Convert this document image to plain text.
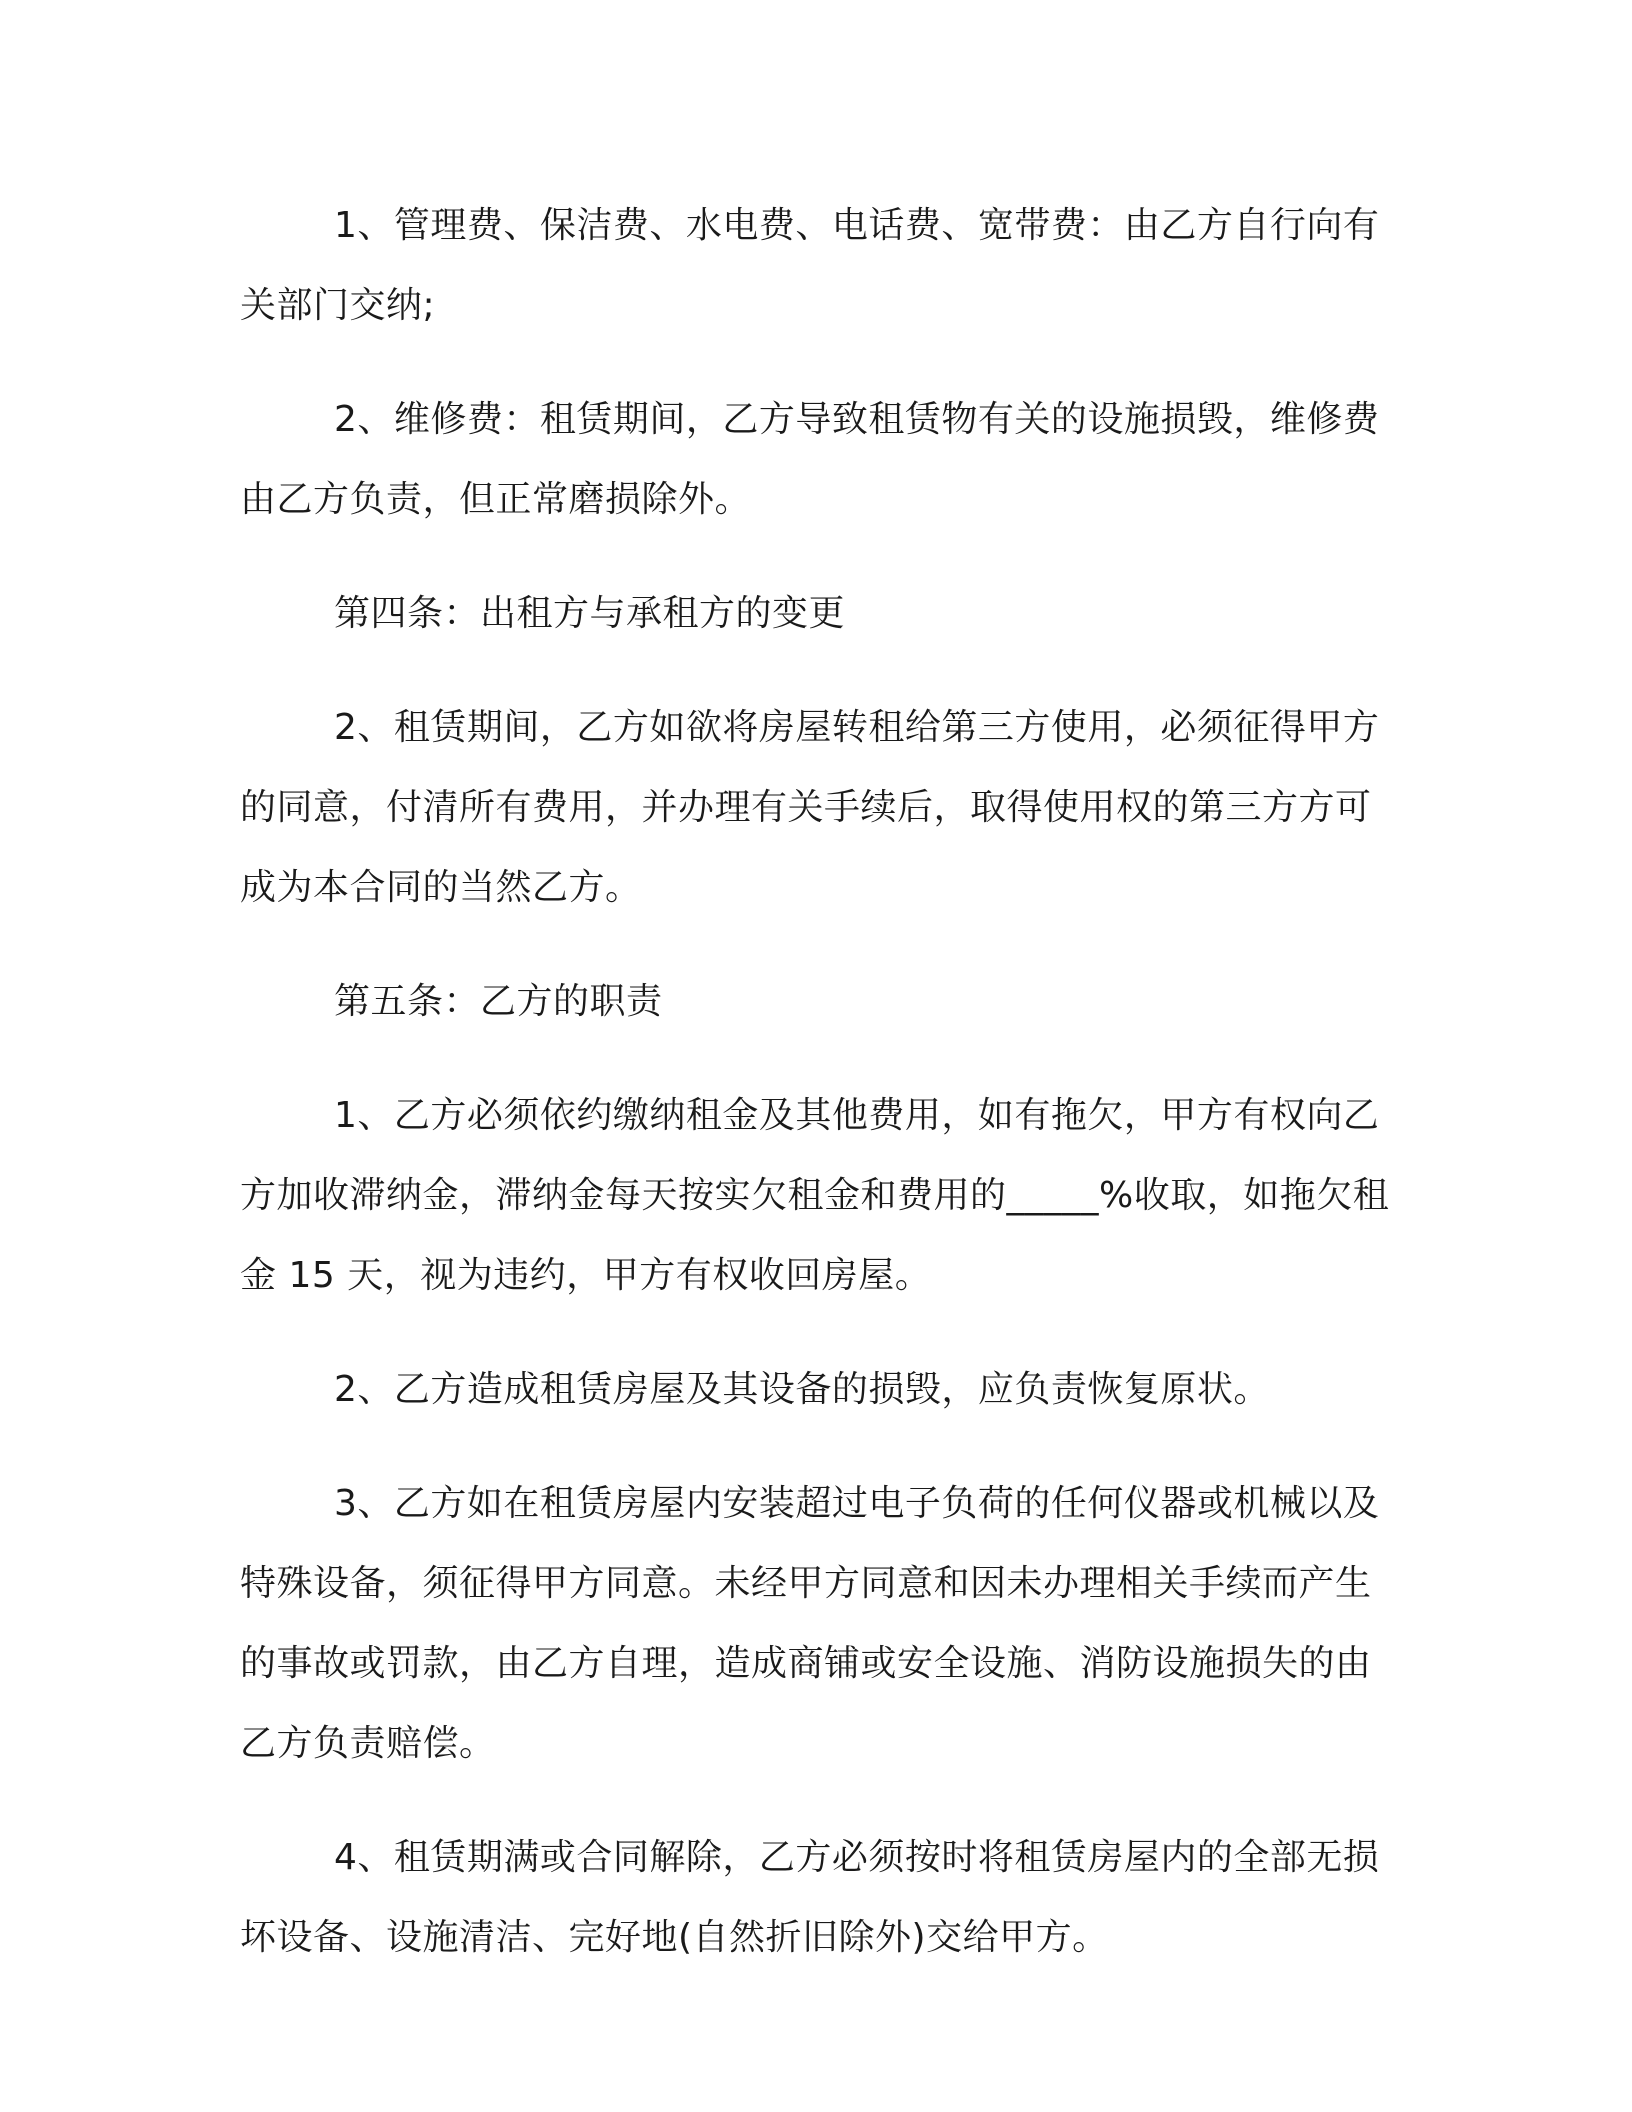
1、管理费、保洁费、水电费、电话费、宽带费：由乙方自行向有关部门交纳;

2、维修费：租赁期间，乙方导致租赁物有关的设施损毁，维修费由乙方负责，但正常磨损除外。

第四条：出租方与承租方的变更

2、租赁期间，乙方如欲将房屋转租给第三方使用，必须征得甲方的同意，付清所有费用，并办理有关手续后，取得使用权的第三方方可成为本合同的当然乙方。

第五条：乙方的职责

1、乙方必须依约缴纳租金及其他费用，如有拖欠，甲方有权向乙方加收滞纳金，滞纳金每天按实欠租金和费用的_____%收取，如拖欠租金 15 天，视为违约，甲方有权收回房屋。

2、乙方造成租赁房屋及其设备的损毁，应负责恢复原状。

3、乙方如在租赁房屋内安装超过电子负荷的任何仪器或机械以及特殊设备，须征得甲方同意。未经甲方同意和因未办理相关手续而产生的事故或罚款，由乙方自理，造成商铺或安全设施、消防设施损失的由乙方负责赔偿。

4、租赁期满或合同解除，乙方必须按时将租赁房屋内的全部无损坏设备、设施清洁、完好地(自然折旧除外)交给甲方。
